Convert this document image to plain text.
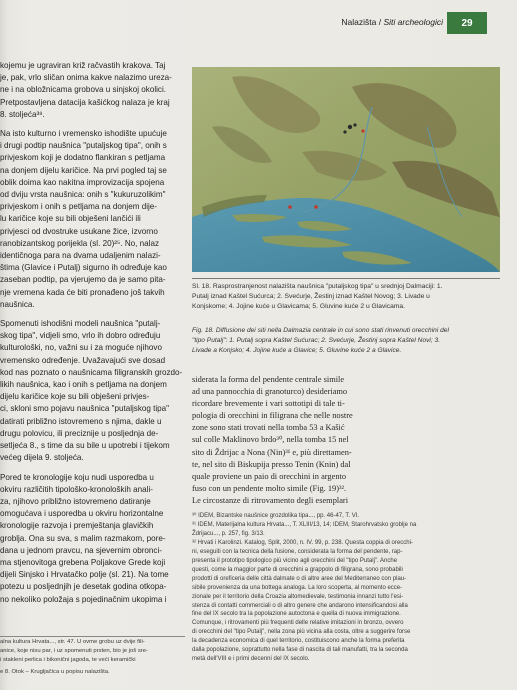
Nalazišta / Siti archeologici 29

kojemu je ugraviran križ račvastih krakova. Taj
je, pak, vrlo sličan onima kakve nalazimo ureza-
ne i na obložnicama grobova u sinjskoj okolici.
Pretpostavljena datacija kašićkog nalaza je kraj
8. stoljeća³⁸.

Na isto kulturno i vremensko ishodište upućuje
i drugi podtip naušnica "putaljskog tipa", onih s
privjeskom koji je dodatno flankiran s petljama
na donjem dijelu karičice. Na prvi pogled taj se
oblik doima kao nakitna improvizacija spojena
od dviju vrsta naušnica: onih s "kukuruzolikim"
privjeskom i onih s petljama na donjem dije-
lu karičice koje su bili obješeni lančići ili
privjesci od dvostruke usukane žice, izvorno
ranobizantskog porijekla (sl. 20)²⁵. No, nalaz
identičnoga para na dvama udaljenim nalazi-
štima (Glavice i Putalj) sigurno ih određuje kao
zaseban podtip, pa vjerujemo da je samo pita-
nje vremena kada će biti pronađeno još takvih
naušnica.

Spomenuti ishodišni modeli naušnica "putalj-
skog tipa", vidjeli smo, vrlo ih dobro određuju
kulturološki, no, važni su i za moguće njihovo
vremensko određenje. Uvažavajući sve dosad
kod nas poznato o naušnicama filigranskih grozdo-
likih naušnica, kao i onih s petljama na donjem
dijelu karičice koje su bili obješeni privjes-
ci, skloni smo pojavu naušnica "putaljskog tipa"
datirati približno istovremeno s njima, dakle u
drugu polovicu, ili preciznije u posljednja de-
setljeća 8., s time da su bile u upotrebi i tijekom
većeg dijela 9. stoljeća.

Pored te kronologije koju nudi usporedba u
okviru različitih tipološko-kronoloških anali-
za, njihovo približno istovremeno datiranje
omogućava i usporedba u okviru horizontalne
kronologije razvoja i premještanja glavičkih
groblja. Ona su sva, s malim razmakom, pore-
dana u jednom pravcu, na sjevernim obronci-
ma stjenovitoga grebena Poljakove Grede koji
dijeli Sinjsko i Hrvatačko polje (sl. 21). Na tome
potezu u posljednjih je desetak godina otkopa-
no nekoliko položaja s pojedinačnim ukopima i

Sl. 18. Rasprostranjenost nalazišta naušnica "putaljskog tipa" u srednjoj Dalmaciji: 1. Putalj iznad Kaštel Sućurca; 2. Svećurje, Žestinj iznad Kaštel Novog; 3. Livade u Konjskome; 4. Jojine kuće u Glavicama; 5. Gluvine kuće 2 u Glavicama.
Fig. 18. Diffusione dei siti nella Dalmazia centrale in cui sono stati rinvenuti orecchini del "tipo Putalj": 1. Putalj sopra Kaštel Sućurac; 2. Svećurje, Žestinj sopra Kaštel Novi; 3. Livade a Konjsko; 4. Jojine kuće a Glavice; 5. Gluvine kuće 2 a Glavice.

siderata la forma del pendente centrale simile
ad una pannocchia di granoturco) desideriamo
ricordare brevemente i vari sottotipi di tale ti-
pologia di orecchini in filigrana che nelle nostre
zone sono stati trovati nella tomba 53 a Kašić
sul colle Maklinovo brdo³⁰, nella tomba 15 nel
sito di Ždrijac a Nona (Nin)³¹ e, più direttamen-
te, nel sito di Biskupija presso Tenin (Knin) dal
quale proviene un paio di orecchini in argento
fuso con un pendente molto simile (Fig. 19)³².
Le circostanze di ritrovamento degli esemplari

³⁰ IDEM, Bizantske naušnice grozdolika tipa..., pp. 46-47, T. VI.

³¹ IDEM, Materijalna kultura Hrvata..., T. XLIII/13, 14; IDEM, Starohrvatsko groblje na
Ždrijacu..., p. 257, fig. 3/13.

³² Hrvati i Karolinzi. Katalog, Split, 2000, n. IV. 99, p. 238. Questa coppia di orecchi-
ni, eseguiti con la tecnica della fusione, considerata la forma del pendente, rap-
presenta il prototipo tipologico più vicino agli orecchini del "tipo Putalj". Anche
questi, come la maggior parte di orecchini a grappolo di filigrana, sono probabili
prodotti di oreficeria delle città dalmate o di altre aree del Mediterraneo con plau-
sibile provenienza da una bottega analoga. La loro scoperta, al momento ecce-
zionale per il territorio della Croazia altomedievale, testimonia innanzi tutto l'esi-
stenza di contatti commerciali o di altro genere che andarono intensificandosi alla
fine del IX secolo tra la popolazione autoctona e quella di nuova immigrazione.
Comunque, i ritrovamenti più frequenti delle relative imitazioni in bronzo, ovvero
di orecchini del "tipo Putalj", nella zona più vicina alla costa, oltre a suggerire forse
la decadenza economica di quel territorio, costituiscono anche la forma preferita
dalla popolazione, soprattutto nella fase di nascita di tali manufatti, tra la seconda
metà dell'VIII e i primi decenni del IX secolo.

alna kultura Hrvata..., str. 47. U ovme grobu uz dvije fili-
anice, koje nisu par, i uz spomenuti prsten, bio je još sre-
i stakleni perlica i bikonični jagoda, te veći keramički

e 8. Otok – Krugljačica u popisu nalazišta.
